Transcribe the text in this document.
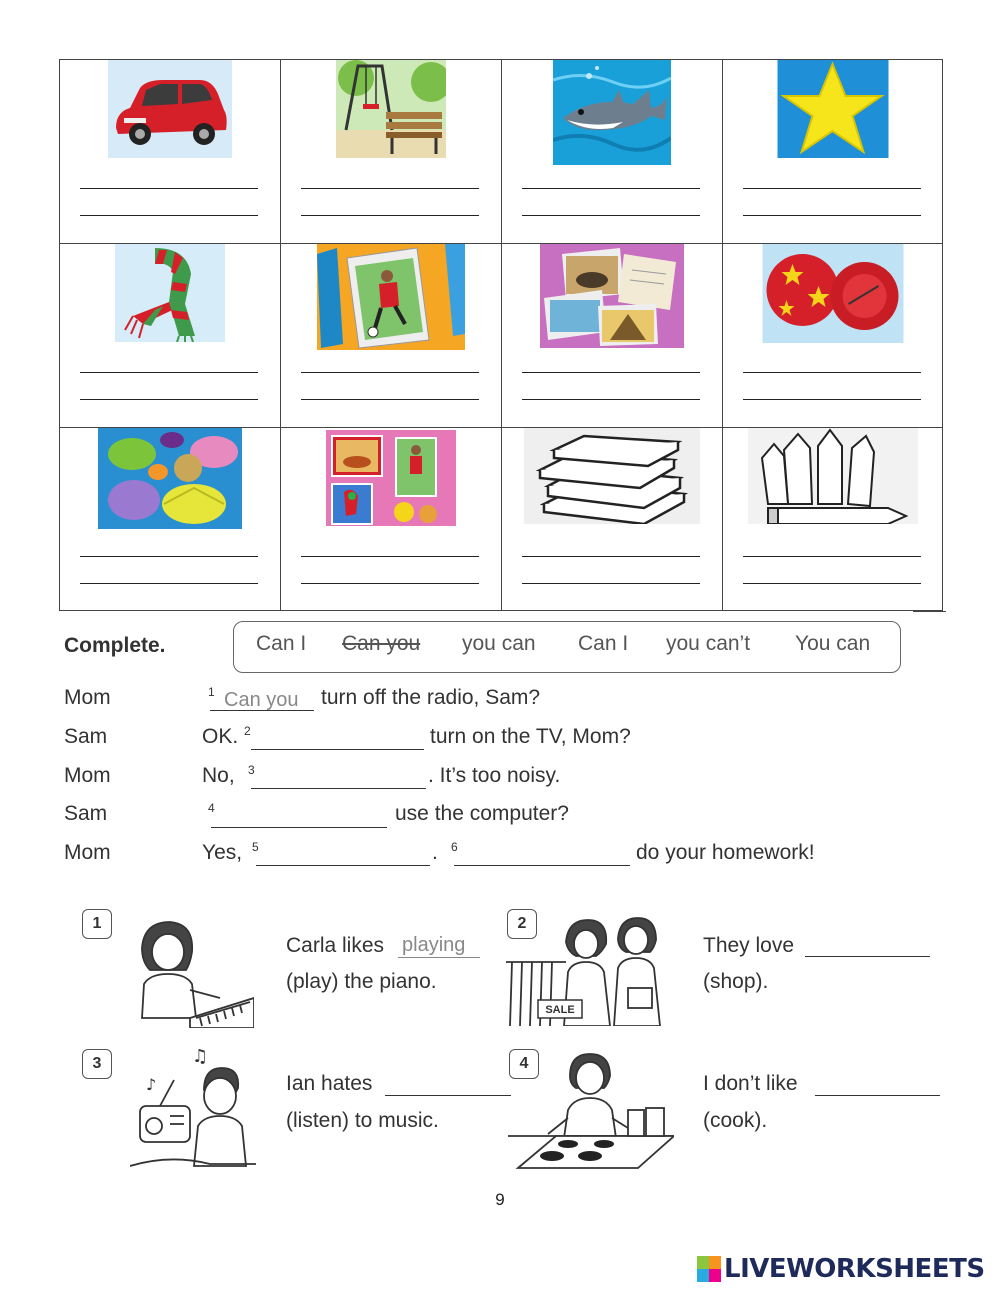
Complete.	Can I Can you you can Can I you can’t You can
Mom	1 Can you turn off the radio, Sam?
Sam	OK. 2	turn on the TV, Mom?
Mom	No, 3	. It’s too noisy.
Sam	4	use the computer?
Mom	Yes, 5	. 6	do your homework!
1
Carla likes playing
(play) the piano.
2
SALE
They love
(shop).
3	♫
♪	Ian hates
(listen) to music.
4
I don’t like
(cook).
9
LIVEWORKSHEETS
